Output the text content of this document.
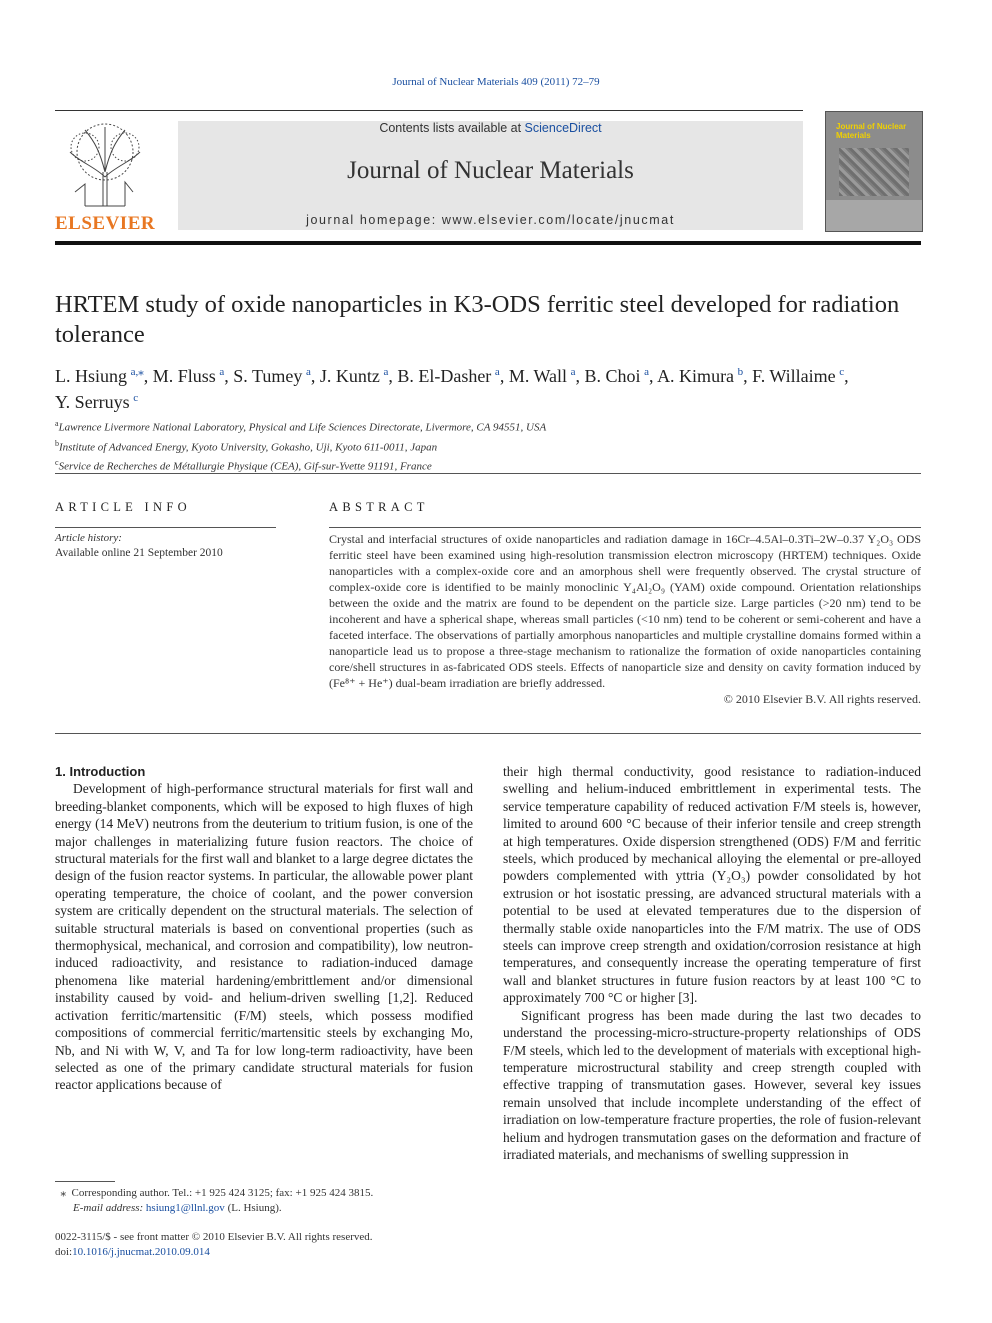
Journal of Nuclear Materials 409 (2011) 72–79
ELSEVIER
Contents lists available at ScienceDirect
Journal of Nuclear Materials
journal homepage: www.elsevier.com/locate/jnucmat
Journal of Nuclear Materials
HRTEM study of oxide nanoparticles in K3-ODS ferritic steel developed for radiation tolerance
L. Hsiung  $^{a,⁎}$, M. Fluss  $^a$, S. Tumey  $^a$, J. Kuntz  $^a$, B. El-Dasher  $^a$, M. Wall  $^a$, B. Choi  $^a$, A. Kimura  $^b$, F. Willaime  $^c$,
Y. Serruys  $^c$
$^a$Lawrence Livermore National Laboratory, Physical and Life Sciences Directorate, Livermore, CA 94551, USA
$^b$Institute of Advanced Energy, Kyoto University, Gokasho, Uji, Kyoto 611-0011, Japan
$^c$Service de Recherches de Métallurgie Physique (CEA), Gif-sur-Yvette 91191, France
ARTICLE INFO	ABSTRACT
Article history:
Available online 21 September 2010
Crystal and interfacial structures of oxide nanoparticles and radiation damage in 16Cr–4.5Al–0.3Ti–2W–0.37 Y₂O₃ ODS ferritic steel have been examined using high-resolution transmission electron microscopy (HRTEM) techniques. Oxide nanoparticles with a complex-oxide core and an amorphous shell were frequently observed. The crystal structure of complex-oxide core is identified to be mainly monoclinic Y₄Al₂O₉ (YAM) oxide compound. Orientation relationships between the oxide and the matrix are found to be dependent on the particle size. Large particles (>20 nm) tend to be incoherent and have a spherical shape, whereas small particles (<10 nm) tend to be coherent or semi-coherent and have a faceted interface. The observations of partially amorphous nanoparticles and multiple crystalline domains formed within a nanoparticle lead us to propose a three-stage mechanism to rationalize the formation of oxide nanoparticles containing core/shell structures in as-fabricated ODS steels. Effects of nanoparticle size and density on cavity formation induced by (Fe⁸⁺ + He⁺) dual-beam irradiation are briefly addressed.
© 2010 Elsevier B.V. All rights reserved.

1. Introduction

Development of high-performance structural materials for first wall and breeding-blanket components, which will be exposed to high fluxes of high energy (14 MeV) neutrons from the deuterium to tritium fusion, is one of the major challenges in materializing future fusion reactors. The choice of structural materials for the first wall and blanket to a large degree dictates the design of the fusion reactor systems. In particular, the allowable power plant operating temperature, the choice of coolant, and the power conversion system are critically dependent on the structural materials. The selection of suitable structural materials is based on conventional properties (such as thermophysical, mechanical, and corrosion and compatibility), low neutron-induced radioactivity, and resistance to radiation-induced damage phenomena like material hardening/embrittlement and/or dimensional instability caused by void- and helium-driven swelling [1,2]. Reduced activation ferritic/martensitic (F/M) steels, which possess modified compositions of commercial ferritic/martensitic steels by exchanging Mo, Nb, and Ni with W, V, and Ta for low long-term radioactivity, have been selected as one of the primary candidate structural materials for fusion reactor applications because of

their high thermal conductivity, good resistance to radiation-induced swelling and helium-induced embrittlement in experimental tests. The service temperature capability of reduced activation F/M steels is, however, limited to around 600 °C because of their inferior tensile and creep strength at high temperatures. Oxide dispersion strengthened (ODS) F/M and ferritic steels, which produced by mechanical alloying the elemental or pre-alloyed powders complemented with yttria (Y₂O₃) powder consolidated by hot extrusion or hot isostatic pressing, are advanced structural materials with a potential to be used at elevated temperatures due to the dispersion of thermally stable oxide nanoparticles into the F/M matrix. The use of ODS steels can improve creep strength and oxidation/corrosion resistance at high temperatures, and consequently increase the operating temperature of first wall and blanket structures in future fusion reactors by at least 100 °C to approximately 700 °C or higher [3].

Significant progress has been made during the last two decades to understand the processing-micro-structure-property relationships of ODS F/M steels, which led to the development of materials with exceptional high-temperature microstructural stability and creep strength coupled with effective trapping of transmutation gases. However, several key issues remain unsolved that include incomplete understanding of the effect of irradiation on low-temperature fracture properties, the role of fusion-relevant helium and hydrogen transmutation gases on the deformation and fracture of irradiated materials, and mechanisms of swelling suppression in

⁎ Corresponding author. Tel.: +1 925 424 3125; fax: +1 925 424 3815.
E-mail address: hsiung1@llnl.gov (L. Hsiung).
0022-3115/$ - see front matter © 2010 Elsevier B.V. All rights reserved.
doi:10.1016/j.jnucmat.2010.09.014
